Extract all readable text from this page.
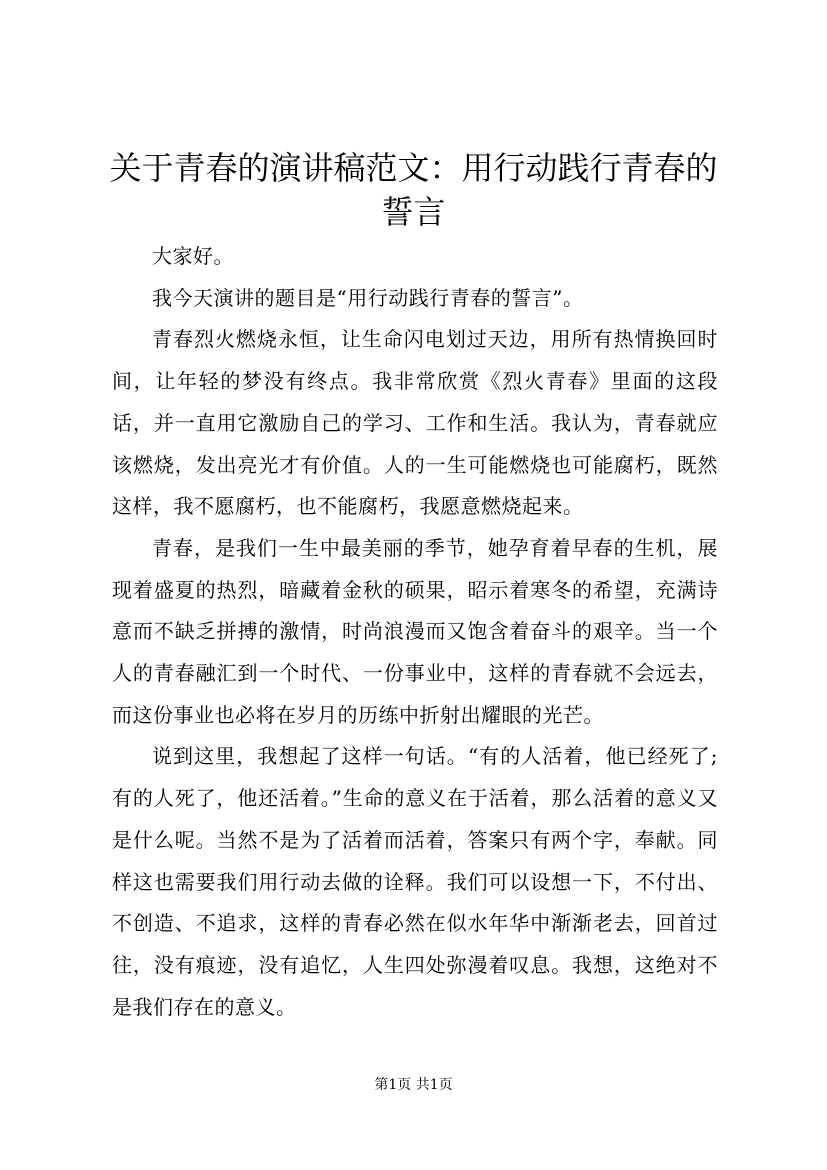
关于青春的演讲稿范文：用行动践行青春的誓言

大家好。

我今天演讲的题目是“用行动践行青春的誓言”。

青春烈火燃烧永恒，让生命闪电划过天边，用所有热情换回时间，让年轻的梦没有终点。我非常欣赏《烈火青春》里面的这段话，并一直用它激励自己的学习、工作和生活。我认为，青春就应该燃烧，发出亮光才有价值。人的一生可能燃烧也可能腐朽，既然这样，我不愿腐朽，也不能腐朽，我愿意燃烧起来。

青春，是我们一生中最美丽的季节，她孕育着早春的生机，展现着盛夏的热烈，暗藏着金秋的硕果，昭示着寒冬的希望，充满诗意而不缺乏拼搏的激情，时尚浪漫而又饱含着奋斗的艰辛。当一个人的青春融汇到一个时代、一份事业中，这样的青春就不会远去，而这份事业也必将在岁月的历练中折射出耀眼的光芒。

说到这里，我想起了这样一句话。“有的人活着，他已经死了;有的人死了，他还活着。”生命的意义在于活着，那么活着的意义又是什么呢。当然不是为了活着而活着，答案只有两个字，奉献。同样这也需要我们用行动去做的诠释。我们可以设想一下，不付出、不创造、不追求，这样的青春必然在似水年华中渐渐老去，回首过往，没有痕迹，没有追忆，人生四处弥漫着叹息。我想，这绝对不是我们存在的意义。

第1页 共1页
